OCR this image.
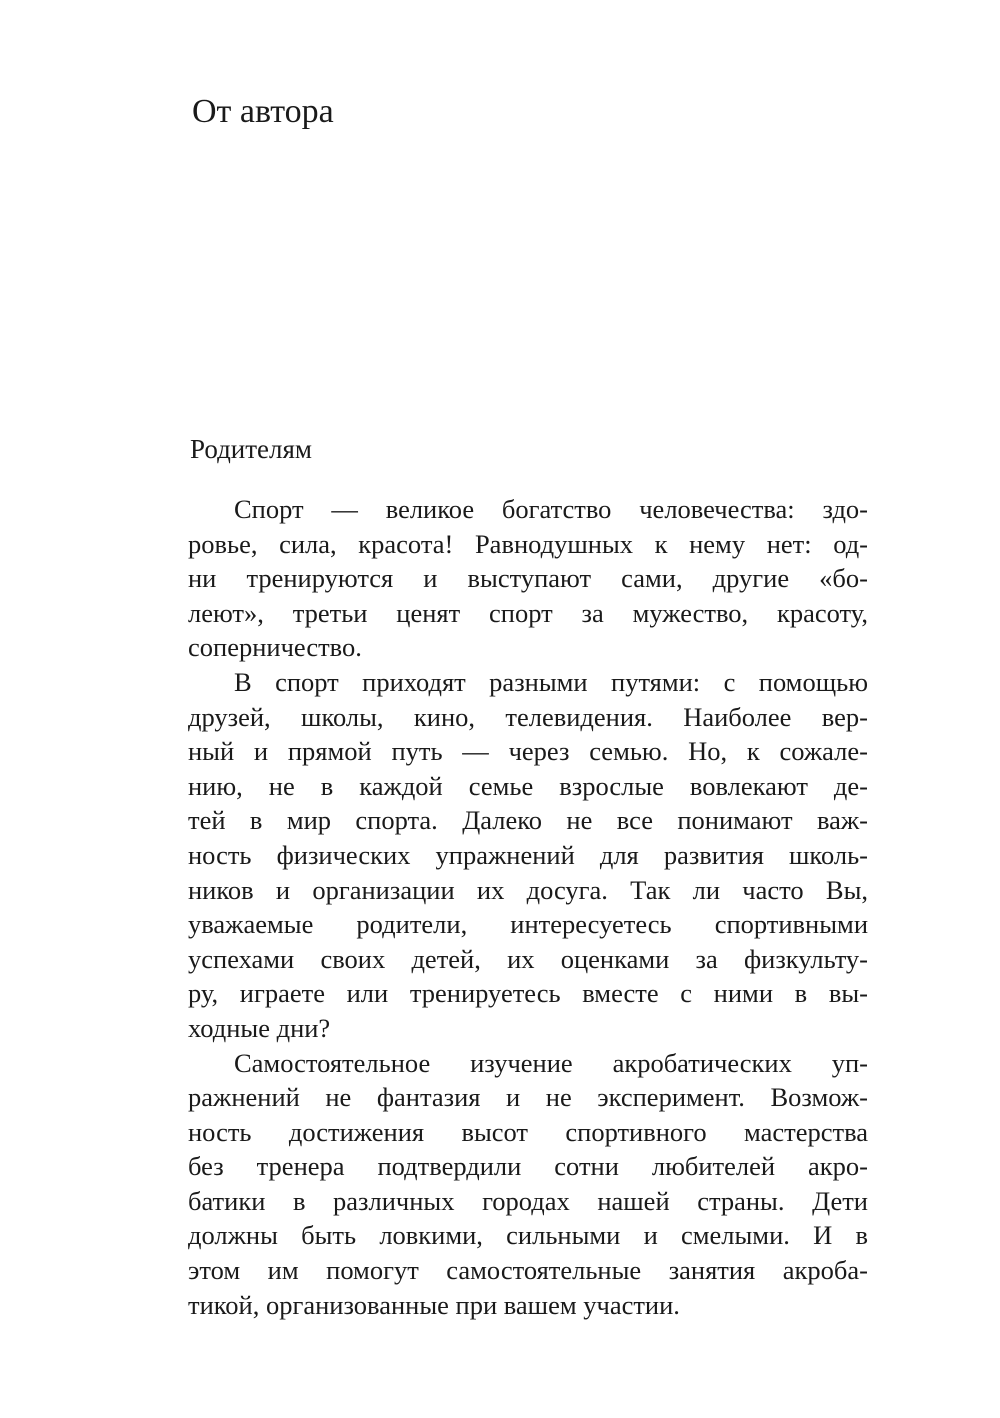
От автора
Родителям
Спорт — великое богатство человечества: здо-
ровье, сила, красота! Равнодушных к нему нет: од-
ни тренируются и выступают сами, другие «бо-
леют», третьи ценят спорт за мужество, красоту,
соперничество.
В спорт приходят разными путями: с помощью
друзей, школы, кино, телевидения. Наиболее вер-
ный и прямой путь — через семью. Но, к сожале-
нию, не в каждой семье взрослые вовлекают де-
тей в мир спорта. Далеко не все понимают важ-
ность физических упражнений для развития школь-
ников и организации их досуга. Так ли часто Вы,
уважаемые родители, интересуетесь спортивными
успехами своих детей, их оценками за физкульту-
ру, играете или тренируетесь вместе с ними в вы-
ходные дни?
Самостоятельное изучение акробатических уп-
ражнений не фантазия и не эксперимент. Возмож-
ность достижения высот спортивного мастерства
без тренера подтвердили сотни любителей акро-
батики в различных городах нашей страны. Дети
должны быть ловкими, сильными и смелыми. И в
этом им помогут самостоятельные занятия акроба-
тикой, организованные при вашем участии.
